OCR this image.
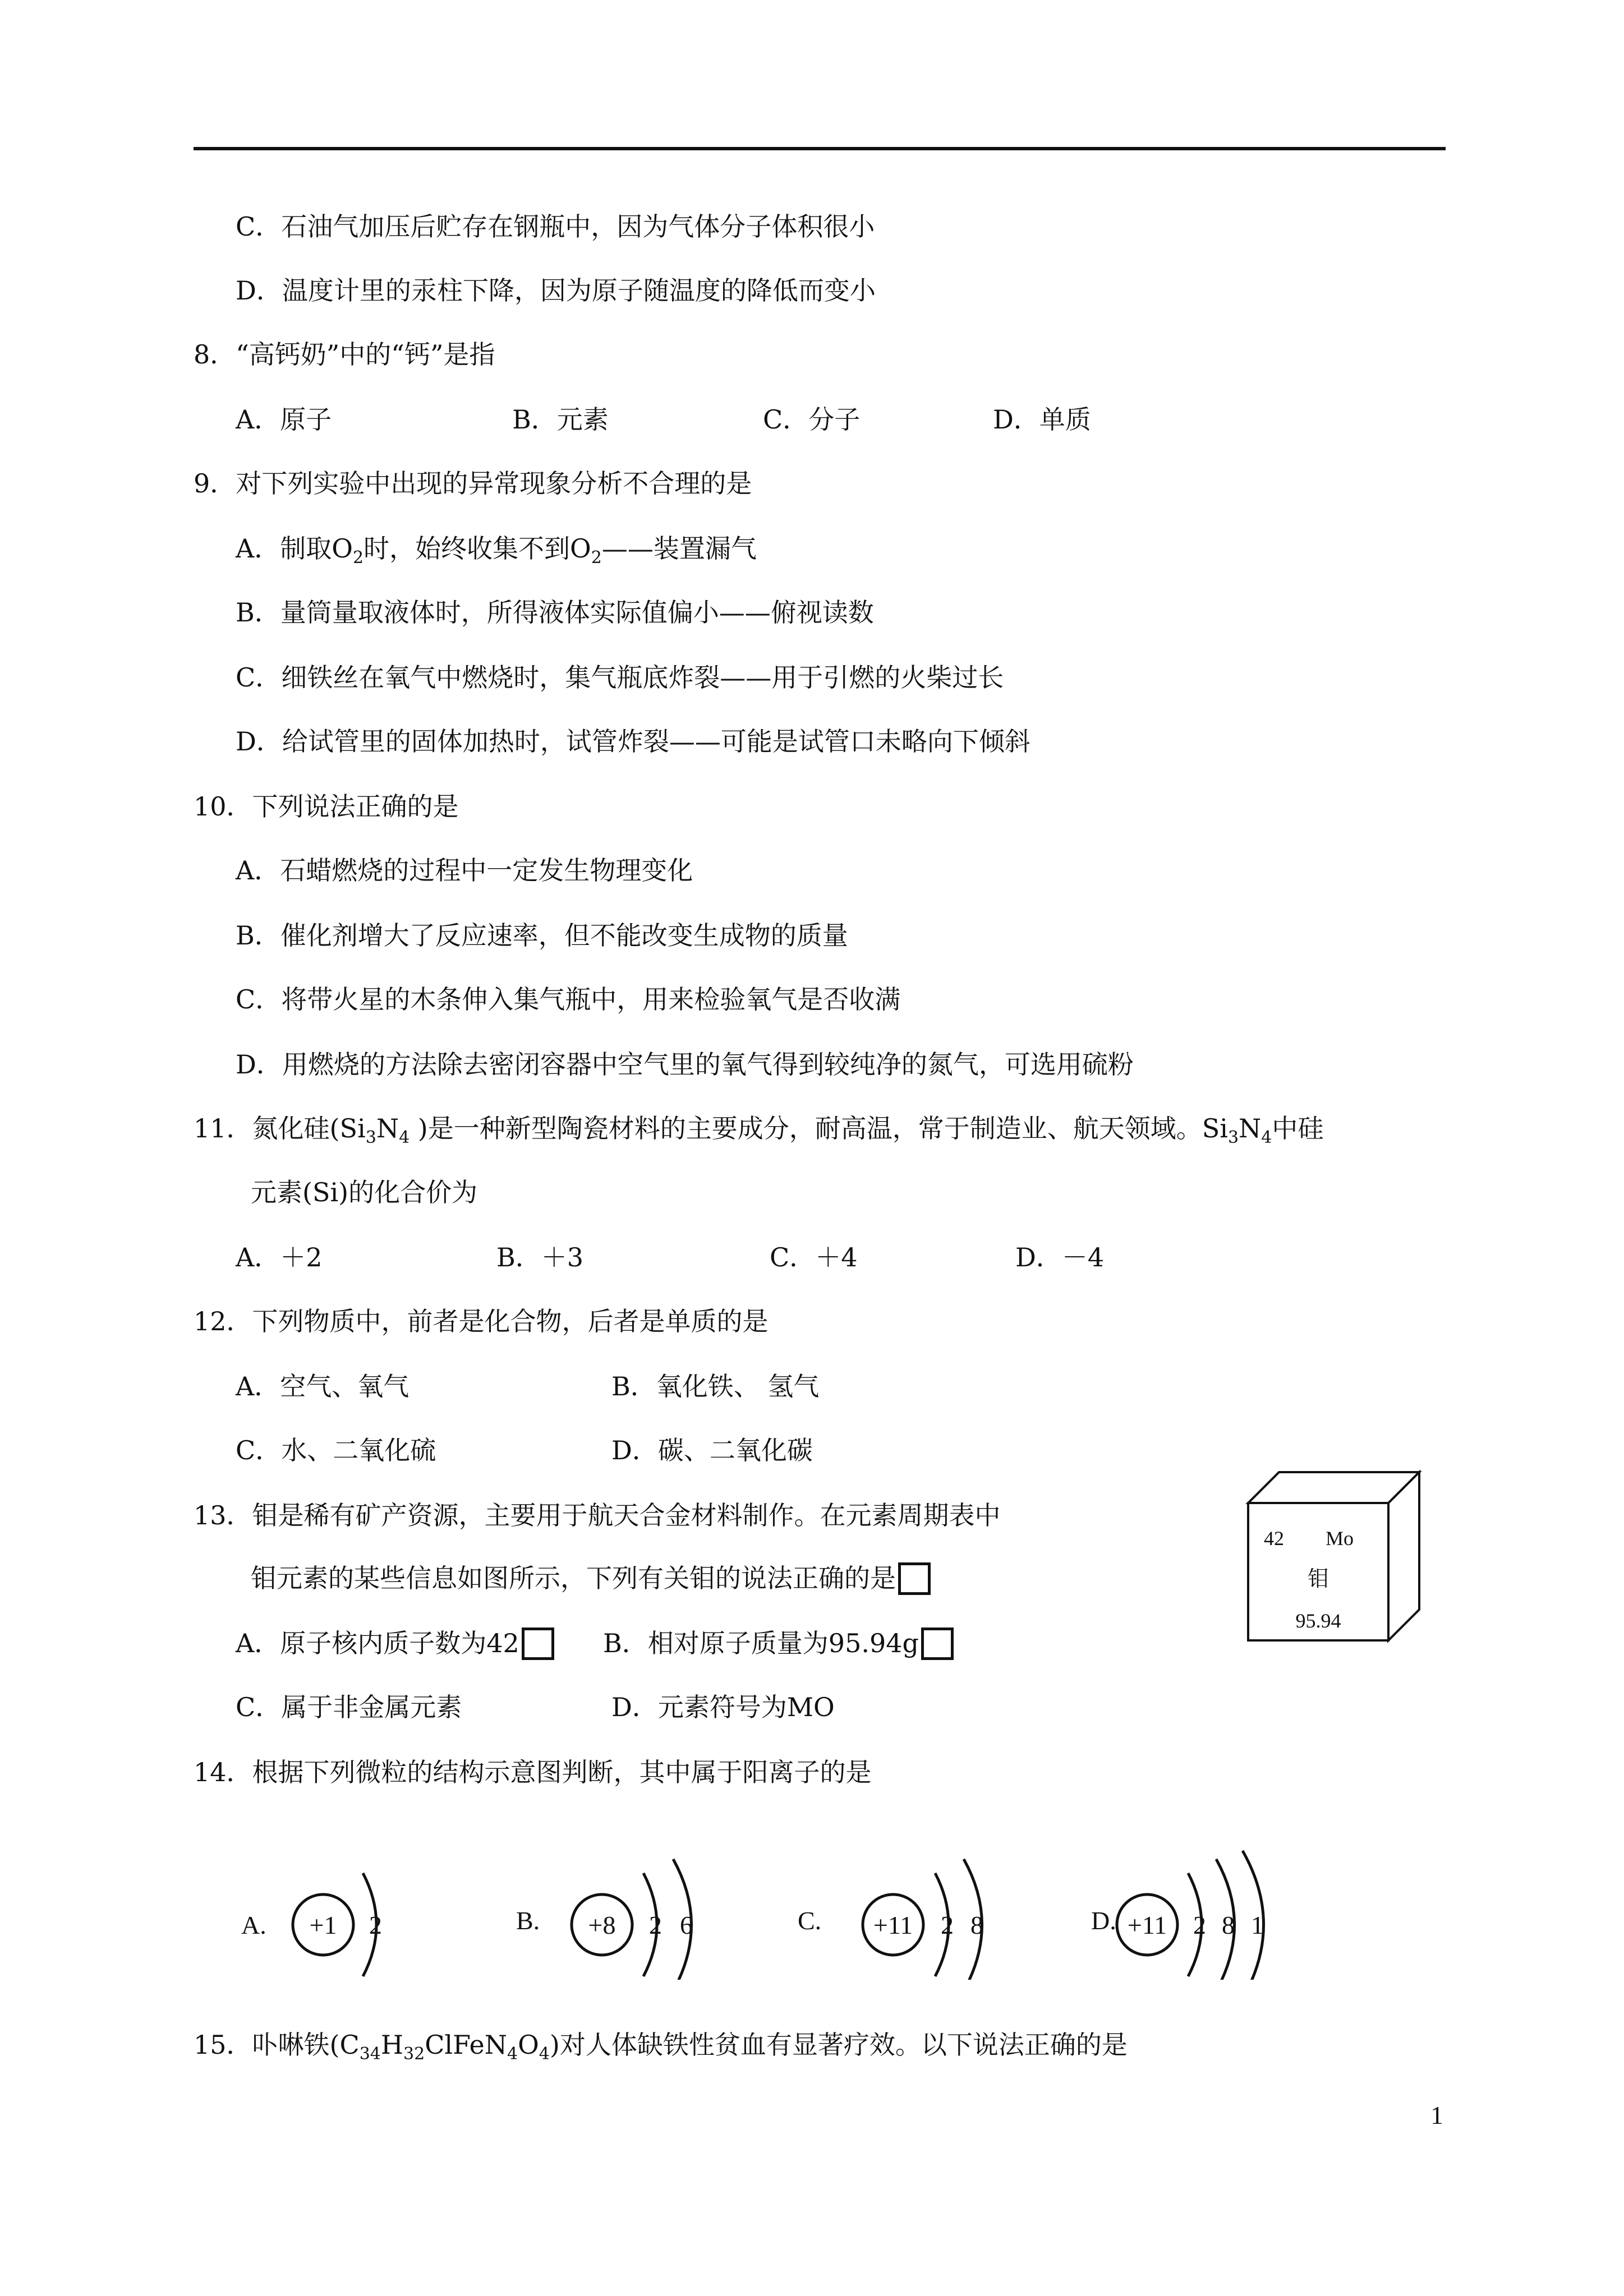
C．石油气加压后贮存在钢瓶中，因为气体分子体积很小
D．温度计里的汞柱下降，因为原子随温度的降低而变小
8．“高钙奶”中的“钙”是指
A．原子	B．元素	C．分子	D．单质
9．对下列实验中出现的异常现象分析不合理的是
A．制取$O_2$时，始终收集不到$O_2——$装置漏气
B．量筒量取液体时，所得液体实际值偏小——俯视读数
C．细铁丝在氧气中燃烧时，集气瓶底炸裂——用于引燃的火柴过长
D．给试管里的固体加热时，试管炸裂——可能是试管口未略向下倾斜
10．下列说法正确的是
A．石蜡燃烧的过程中一定发生物理变化
B．催化剂增大了反应速率，但不能改变生成物的质量
C．将带火星的木条伸入集气瓶中，用来检验氧气是否收满
D．用燃烧的方法除去密闭容器中空气里的氧气得到较纯净的氮气，可选用硫粉
11．氮化硅($Si_3N_4$ )是一种新型陶瓷材料的主要成分，耐高温，常于制造业、航天领域。$Si_3N_4$中硅
元素(Si)的化合价为
A．＋2	B．＋3	C．＋4	D．－4
12．下列物质中，前者是化合物，后者是单质的是
A．空气、氧气	B．氧化铁、 氢气
C．水、二氧化硫	D．碳、二氧化碳
13．钼是稀有矿产资源，主要用于航天合金材料制作。在元素周期表中
钼元素的某些信息如图所示，下列有关钼的说法正确的是
A．原子核内质子数为42	B．相对原子质量为95.94g
C．属于非金属元素	D．元素符号为MO
42 Mo
钼
95.94
14．根据下列微粒的结构示意图判断，其中属于阳离子的是
A. +1 2	B. +8 2 6	C. +11 2 8	D. +11 2 8 1
15．卟啉铁$(C_{34}H_{32}ClFeN_4O_4)$对人体缺铁性贫血有显著疗效。以下说法正确的是
1
